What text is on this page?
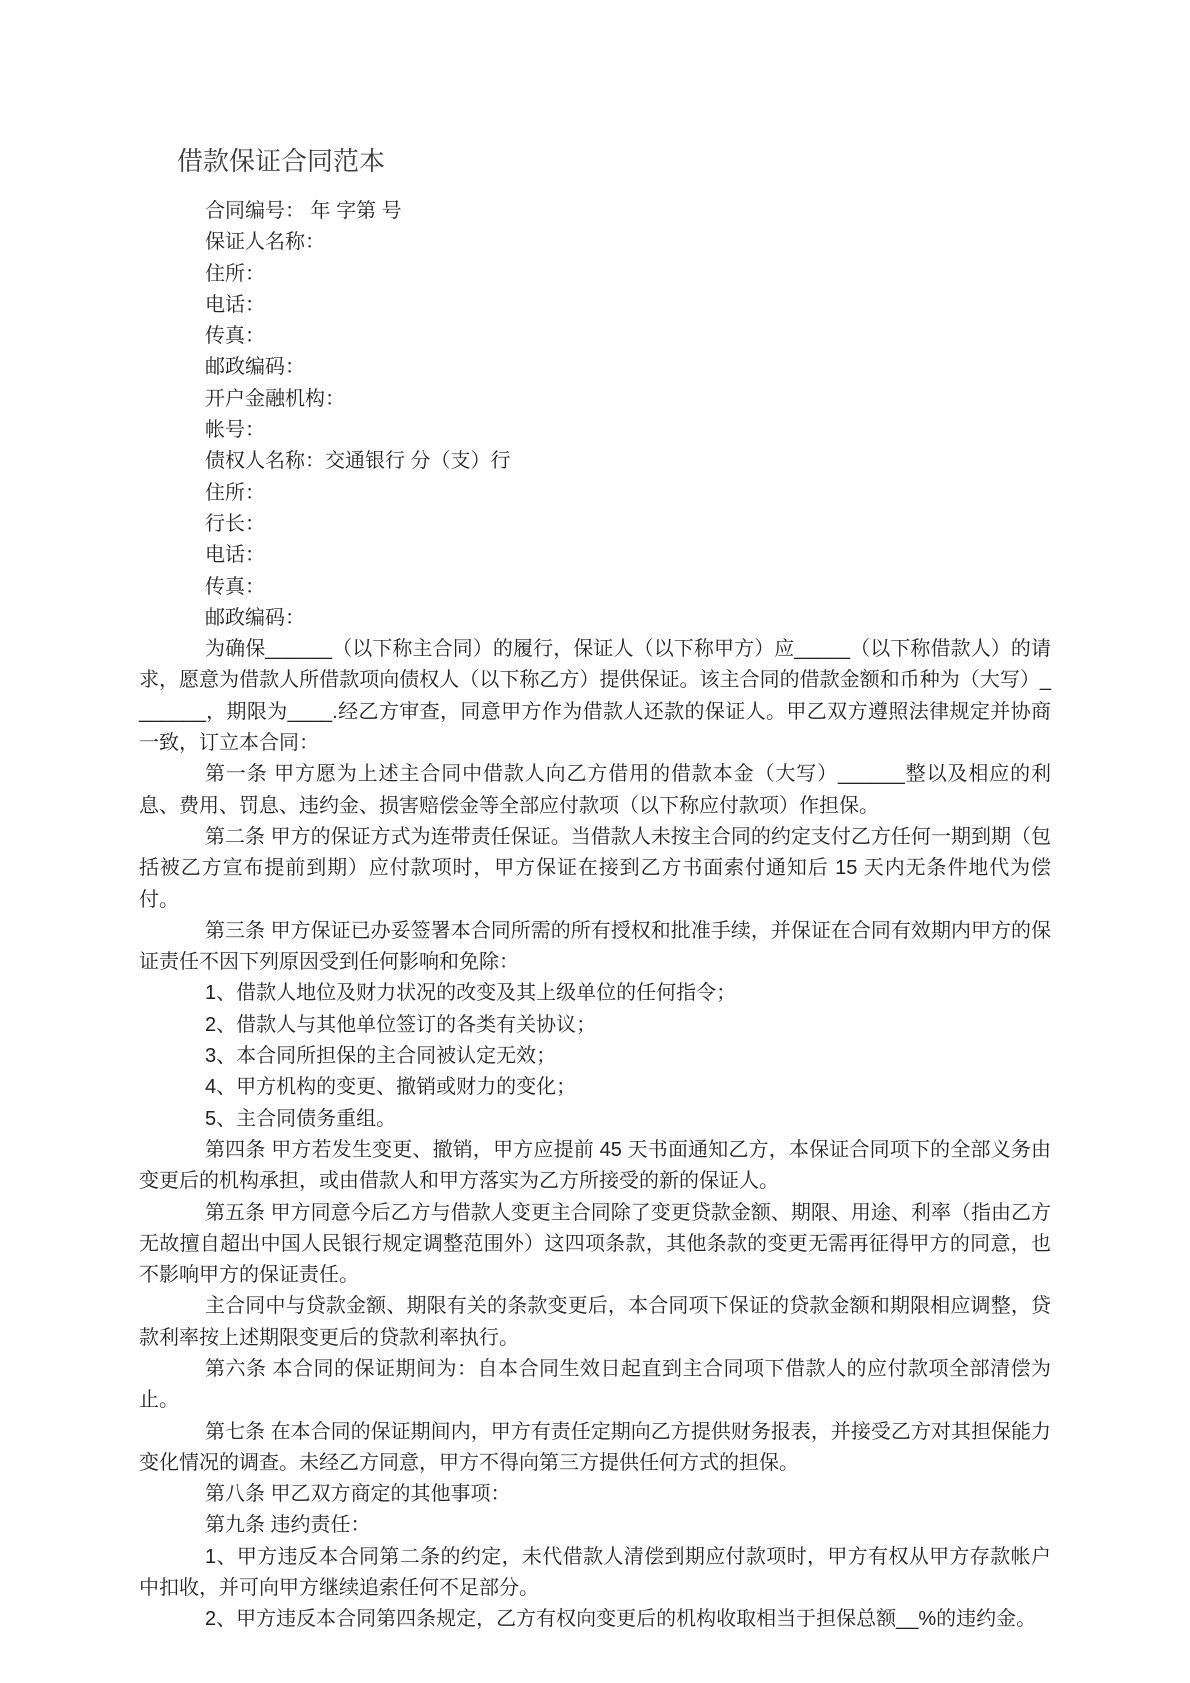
借款保证合同范本

合同编号： 年 字第 号

保证人名称：

住所：

电话：

传真：

邮政编码：

开户金融机构：

帐号：

债权人名称：交通银行 分（支）行

住所：

行长：

电话：

传真：

邮政编码：

为确保______（以下称主合同）的履行，保证人（以下称甲方）应_____（以下称借款人）的请求，愿意为借款人所借款项向债权人（以下称乙方）提供保证。该主合同的借款金额和币种为（大写）_______，期限为____.经乙方审查，同意甲方作为借款人还款的保证人。甲乙双方遵照法律规定并协商一致，订立本合同：

第一条 甲方愿为上述主合同中借款人向乙方借用的借款本金（大写）______整以及相应的利息、费用、罚息、违约金、损害赔偿金等全部应付款项（以下称应付款项）作担保。

第二条 甲方的保证方式为连带责任保证。当借款人未按主合同的约定支付乙方任何一期到期（包括被乙方宣布提前到期）应付款项时，甲方保证在接到乙方书面索付通知后 15 天内无条件地代为偿付。

第三条 甲方保证已办妥签署本合同所需的所有授权和批准手续，并保证在合同有效期内甲方的保证责任不因下列原因受到任何影响和免除：

1、借款人地位及财力状况的改变及其上级单位的任何指令；

2、借款人与其他单位签订的各类有关协议；

3、本合同所担保的主合同被认定无效；

4、甲方机构的变更、撤销或财力的变化；

5、主合同债务重组。

第四条 甲方若发生变更、撤销，甲方应提前 45 天书面通知乙方，本保证合同项下的全部义务由变更后的机构承担，或由借款人和甲方落实为乙方所接受的新的保证人。

第五条 甲方同意今后乙方与借款人变更主合同除了变更贷款金额、期限、用途、利率（指由乙方无故擅自超出中国人民银行规定调整范围外）这四项条款，其他条款的变更无需再征得甲方的同意，也不影响甲方的保证责任。

主合同中与贷款金额、期限有关的条款变更后，本合同项下保证的贷款金额和期限相应调整，贷款利率按上述期限变更后的贷款利率执行。

第六条 本合同的保证期间为：自本合同生效日起直到主合同项下借款人的应付款项全部清偿为止。

第七条 在本合同的保证期间内，甲方有责任定期向乙方提供财务报表，并接受乙方对其担保能力变化情况的调查。未经乙方同意，甲方不得向第三方提供任何方式的担保。

第八条 甲乙双方商定的其他事项：

第九条 违约责任：

1、甲方违反本合同第二条的约定，未代借款人清偿到期应付款项时，甲方有权从甲方存款帐户中扣收，并可向甲方继续追索任何不足部分。

2、甲方违反本合同第四条规定，乙方有权向变更后的机构收取相当于担保总额__%的违约金。
